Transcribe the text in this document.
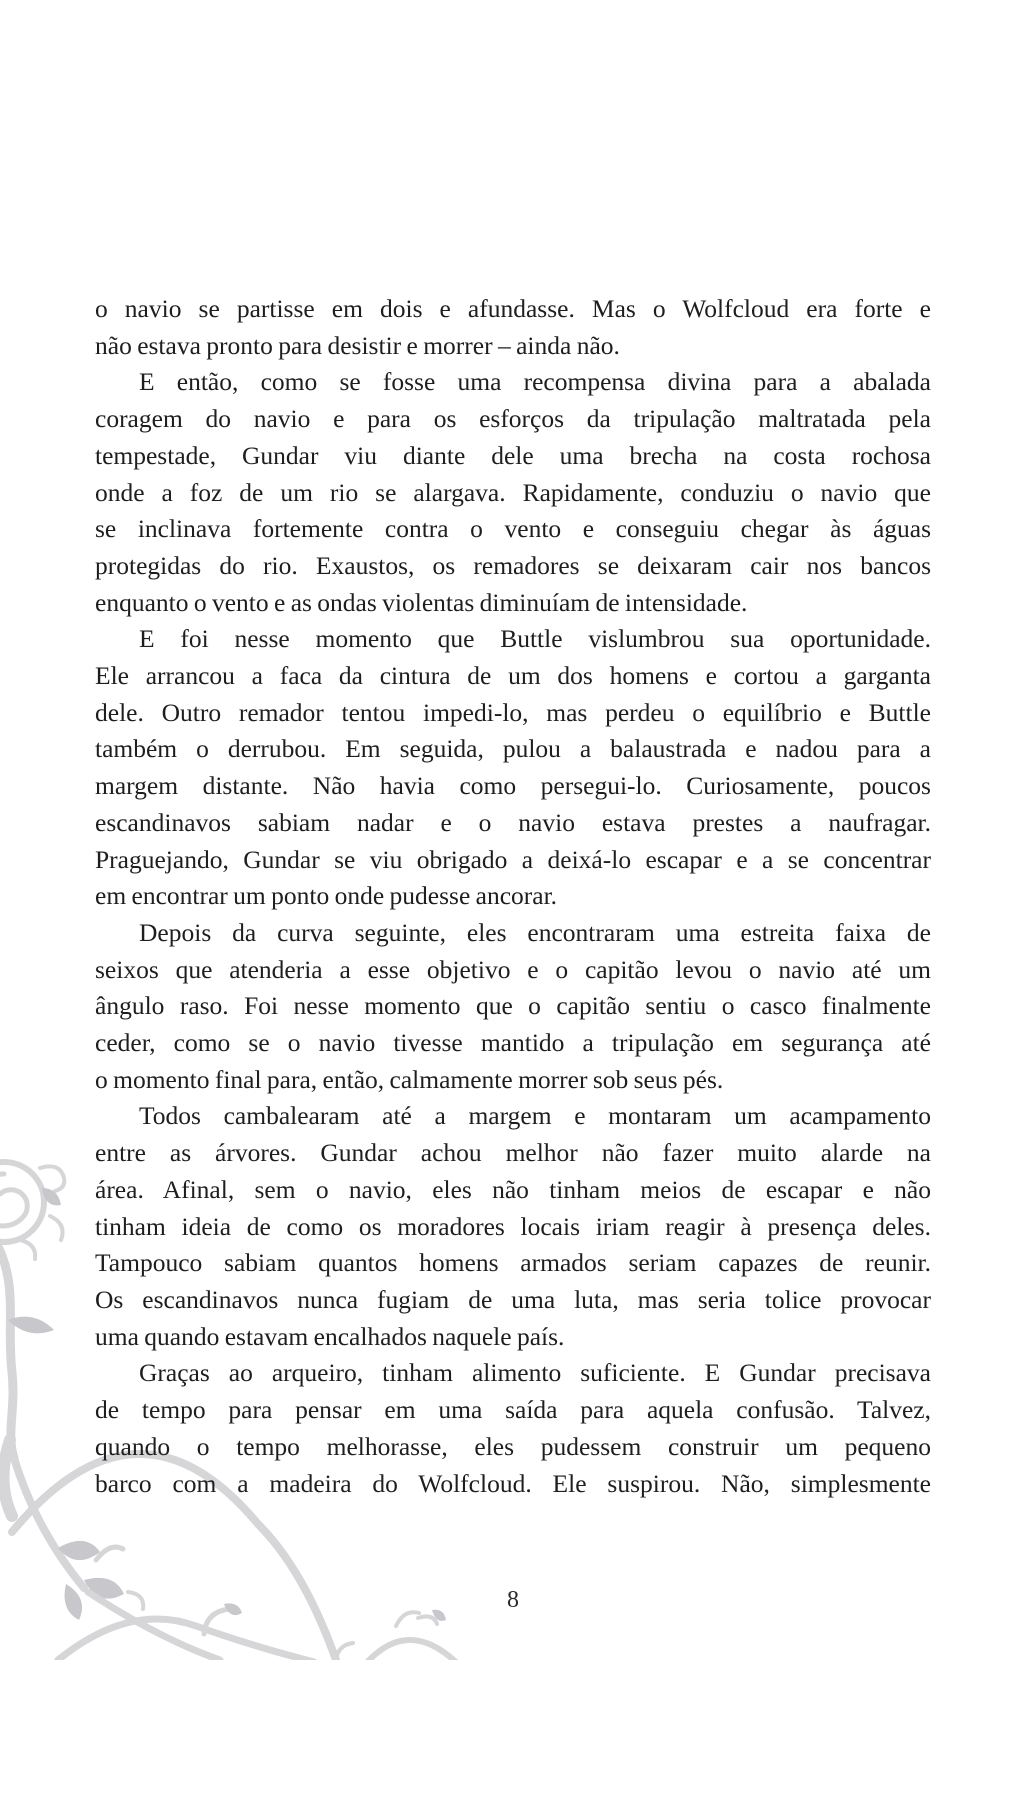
o navio se partisse em dois e afundasse. Mas o Wolfcloud era forte e
não estava pronto para desistir e morrer – ainda não.
E então, como se fosse uma recompensa divina para a abalada
coragem do navio e para os esforços da tripulação maltratada pela
tempestade, Gundar viu diante dele uma brecha na costa rochosa
onde a foz de um rio se alargava. Rapidamente, conduziu o navio que
se inclinava fortemente contra o vento e conseguiu chegar às águas
protegidas do rio. Exaustos, os remadores se deixaram cair nos bancos
enquanto o vento e as ondas violentas diminuíam de intensidade.
E foi nesse momento que Buttle vislumbrou sua oportunidade.
Ele arrancou a faca da cintura de um dos homens e cortou a garganta
dele. Outro remador tentou impedi-lo, mas perdeu o equilíbrio e Buttle
também o derrubou. Em seguida, pulou a balaustrada e nadou para a
margem distante. Não havia como persegui-lo. Curiosamente, poucos
escandinavos sabiam nadar e o navio estava prestes a naufragar.
Praguejando, Gundar se viu obrigado a deixá-lo escapar e a se concentrar
em encontrar um ponto onde pudesse ancorar.
Depois da curva seguinte, eles encontraram uma estreita faixa de
seixos que atenderia a esse objetivo e o capitão levou o navio até um
ângulo raso. Foi nesse momento que o capitão sentiu o casco finalmente
ceder, como se o navio tivesse mantido a tripulação em segurança até
o momento final para, então, calmamente morrer sob seus pés.
Todos cambalearam até a margem e montaram um acampamento
entre as árvores. Gundar achou melhor não fazer muito alarde na
área. Afinal, sem o navio, eles não tinham meios de escapar e não
tinham ideia de como os moradores locais iriam reagir à presença deles.
Tampouco sabiam quantos homens armados seriam capazes de reunir.
Os escandinavos nunca fugiam de uma luta, mas seria tolice provocar
uma quando estavam encalhados naquele país.
Graças ao arqueiro, tinham alimento suficiente. E Gundar precisava
de tempo para pensar em uma saída para aquela confusão. Talvez,
quando o tempo melhorasse, eles pudessem construir um pequeno
barco com a madeira do Wolfcloud. Ele suspirou. Não, simplesmente
8
